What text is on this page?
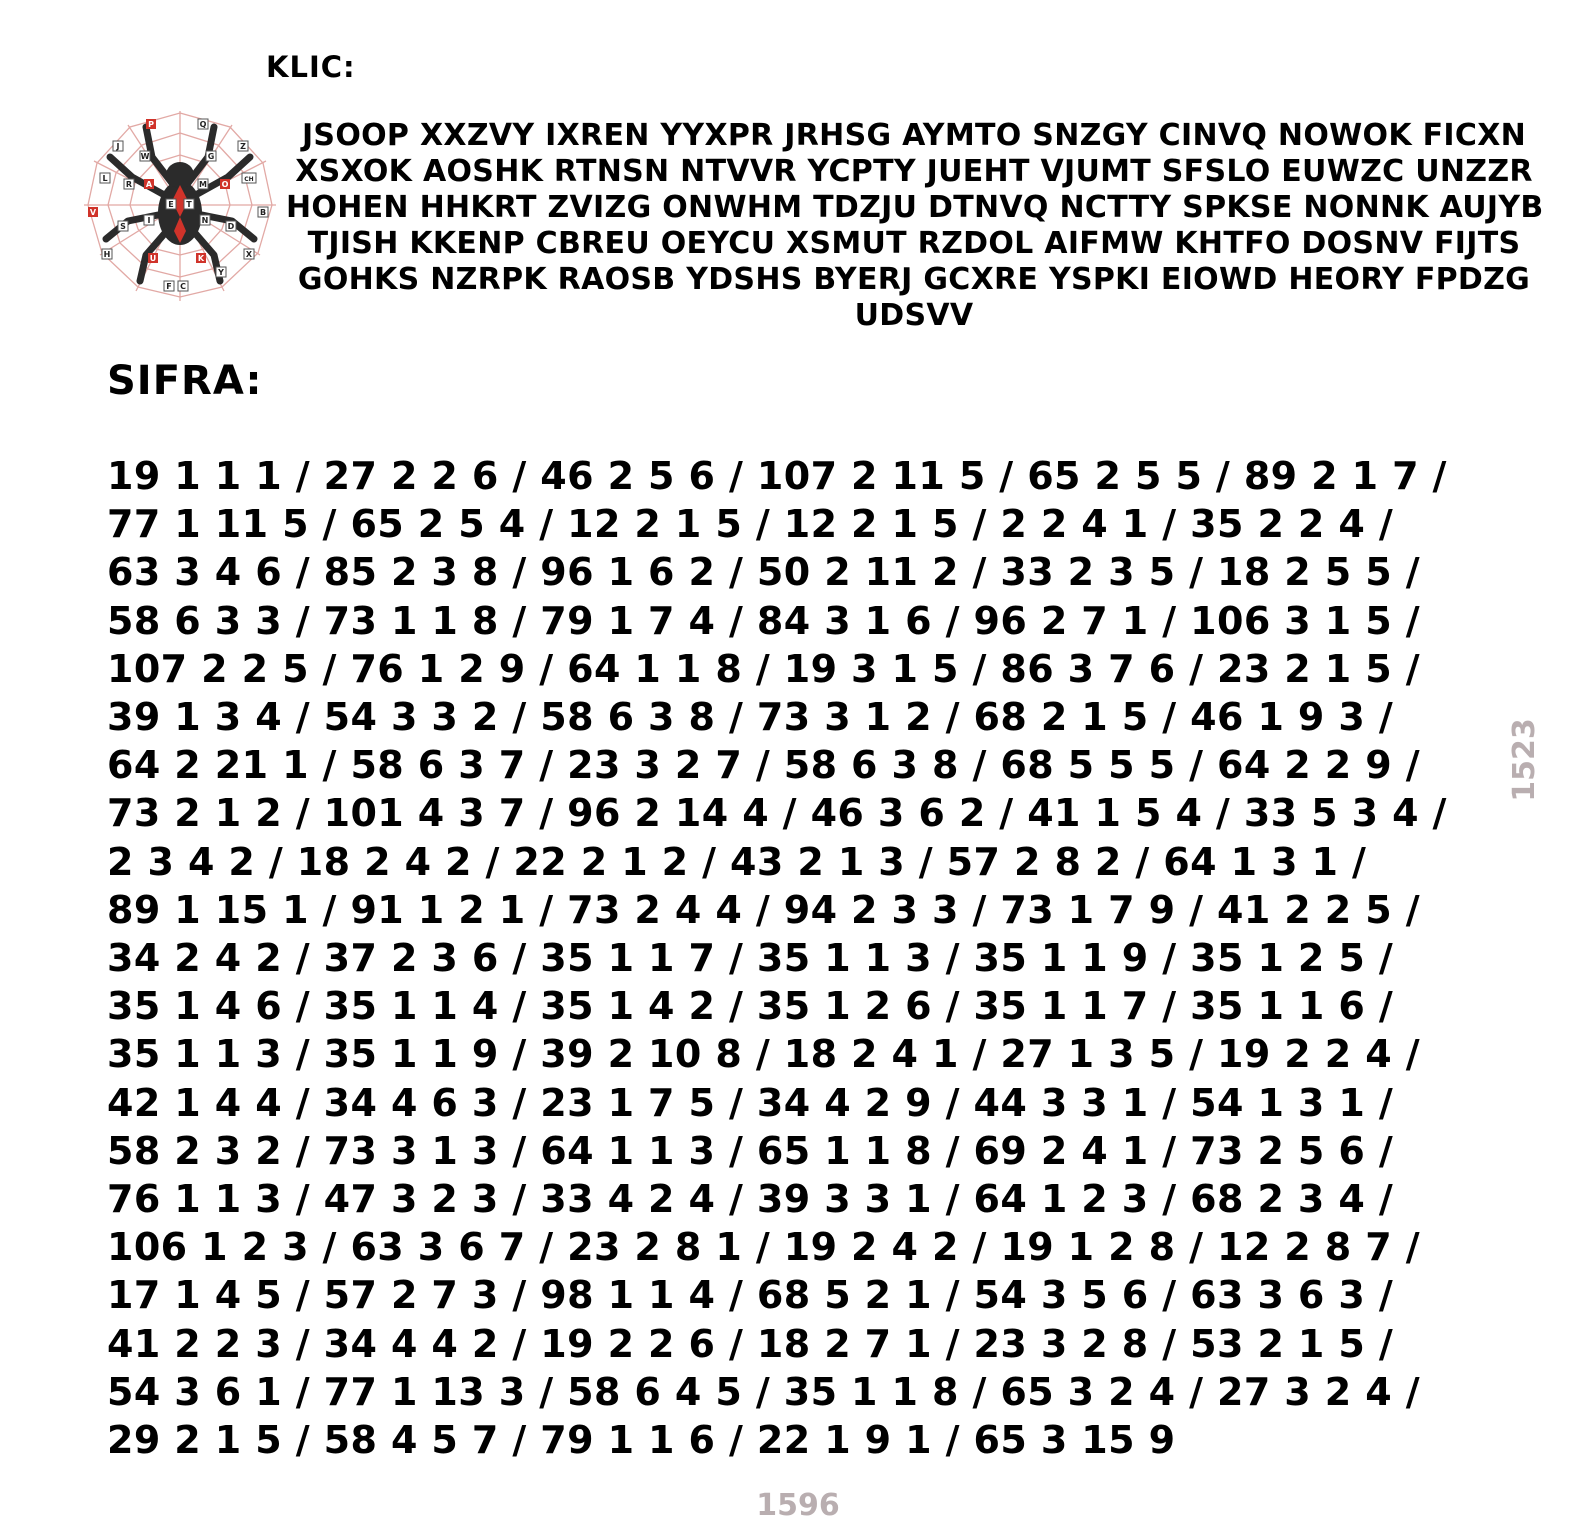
KLIC:
P	Q
J
W	G
Z
L
R A	M O
CH
E T
V	B
S
I	N
D
H	U	K	X
F C
Y
JSOOP XXZVY IXREN YYXPR JRHSG AYMTO SNZGY CINVQ NOWOK FICXN
XSXOK AOSHK RTNSN NTVVR YCPTY JUEHT VJUMT SFSLO EUWZC UNZZR
HOHEN HHKRT ZVIZG ONWHM TDZJU DTNVQ NCTTY SPKSE NONNK AUJYB
TJISH KKENP CBREU OEYCU XSMUT RZDOL AIFMW KHTFO DOSNV FIJTS
GOHKS NZRPK RAOSB YDSHS BYERJ GCXRE YSPKI EIOWD HEORY FPDZG
UDSVV
SIFRA:
19 1 1 1 / 27 2 2 6 / 46 2 5 6 / 107 2 11 5 / 65 2 5 5 / 89 2 1 7 /
77 1 11 5 / 65 2 5 4 / 12 2 1 5 / 12 2 1 5 / 2 2 4 1 / 35 2 2 4 /
63 3 4 6 / 85 2 3 8 / 96 1 6 2 / 50 2 11 2 / 33 2 3 5 / 18 2 5 5 /
58 6 3 3 / 73 1 1 8 / 79 1 7 4 / 84 3 1 6 / 96 2 7 1 / 106 3 1 5 /
107 2 2 5 / 76 1 2 9 / 64 1 1 8 / 19 3 1 5 / 86 3 7 6 / 23 2 1 5 /
39 1 3 4 / 54 3 3 2 / 58 6 3 8 / 73 3 1 2 / 68 2 1 5 / 46 1 9 3 /
64 2 21 1 / 58 6 3 7 / 23 3 2 7 / 58 6 3 8 / 68 5 5 5 / 64 2 2 9 /
73 2 1 2 / 101 4 3 7 / 96 2 14 4 / 46 3 6 2 / 41 1 5 4 / 33 5 3 4 /
2 3 4 2 / 18 2 4 2 / 22 2 1 2 / 43 2 1 3 / 57 2 8 2 / 64 1 3 1 /
89 1 15 1 / 91 1 2 1 / 73 2 4 4 / 94 2 3 3 / 73 1 7 9 / 41 2 2 5 /
34 2 4 2 / 37 2 3 6 / 35 1 1 7 / 35 1 1 3 / 35 1 1 9 / 35 1 2 5 /
35 1 4 6 / 35 1 1 4 / 35 1 4 2 / 35 1 2 6 / 35 1 1 7 / 35 1 1 6 /
35 1 1 3 / 35 1 1 9 / 39 2 10 8 / 18 2 4 1 / 27 1 3 5 / 19 2 2 4 /
42 1 4 4 / 34 4 6 3 / 23 1 7 5 / 34 4 2 9 / 44 3 3 1 / 54 1 3 1 /
58 2 3 2 / 73 3 1 3 / 64 1 1 3 / 65 1 1 8 / 69 2 4 1 / 73 2 5 6 /
76 1 1 3 / 47 3 2 3 / 33 4 2 4 / 39 3 3 1 / 64 1 2 3 / 68 2 3 4 /
106 1 2 3 / 63 3 6 7 / 23 2 8 1 / 19 2 4 2 / 19 1 2 8 / 12 2 8 7 /
17 1 4 5 / 57 2 7 3 / 98 1 1 4 / 68 5 2 1 / 54 3 5 6 / 63 3 6 3 /
41 2 2 3 / 34 4 4 2 / 19 2 2 6 / 18 2 7 1 / 23 3 2 8 / 53 2 1 5 /
54 3 6 1 / 77 1 13 3 / 58 6 4 5 / 35 1 1 8 / 65 3 2 4 / 27 3 2 4 /
29 2 1 5 / 58 4 5 7 / 79 1 1 6 / 22 1 9 1 / 65 3 15 9
1596
1523
